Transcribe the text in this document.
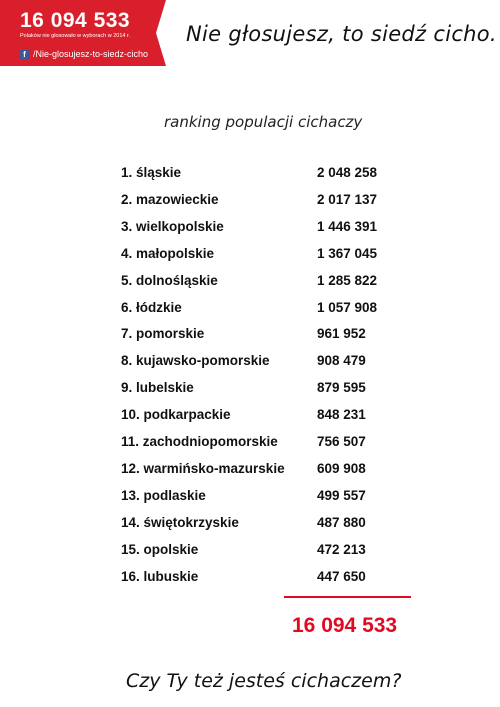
16 094 533
Polaków nie głosowało w wyborach w 2014 r.
f /Nie-glosujesz-to-siedz-cicho
Nie głosujesz, to siedź cicho.
ranking populacji cichaczy
1. śląskie	2 048 258
2. mazowieckie	2 017 137
3. wielkopolskie	1 446 391
4. małopolskie	1 367 045
5. dolnośląskie	1 285 822
6. łódzkie	1 057 908
7. pomorskie	961 952
8. kujawsko-pomorskie	908 479
9. lubelskie	879 595
10. podkarpackie	848 231
11. zachodniopomorskie	756 507
12. warmińsko-mazurskie 609 908
13. podlaskie	499 557
14. świętokrzyskie	487 880
15. opolskie	472 213
16. lubuskie	447 650
16 094 533
Czy Ty też jesteś cichaczem?
